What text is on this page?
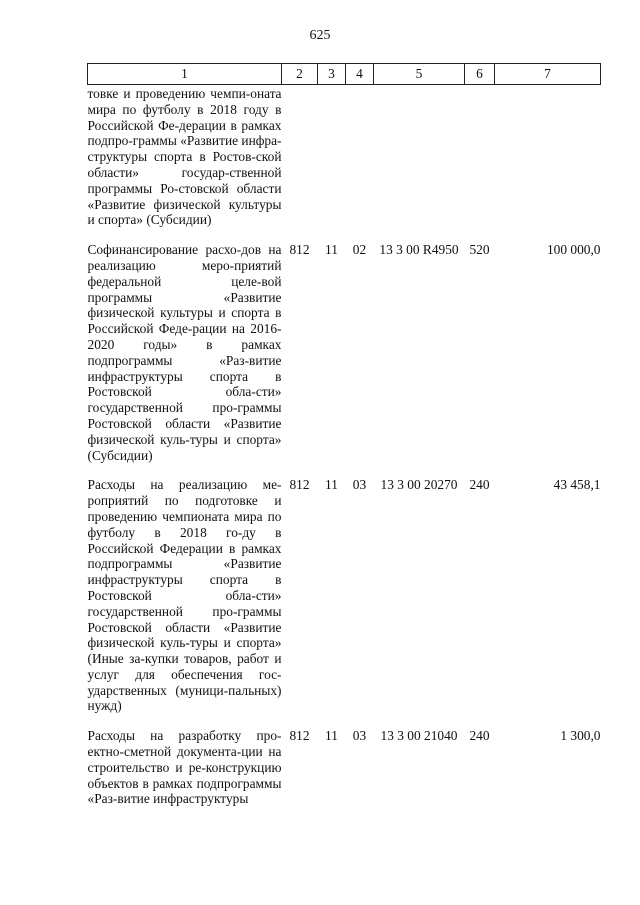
625
1	2	3	4	5	6	7
товке и проведению чемпи-онатa мира по футболу в 2018 году в Российской Фе-дерации в рамках подпро-граммы «Развитие инфра-структуры спорта в Ростов-ской области» государ-ственной программы Ро-стовской области «Развитие физической культуры и спорта» (Субсидии)						
Софинансирование расхо-дов на реализацию меро-приятий федеральной целе-вой программы «Развитие физической культуры и спорта в Российской Феде-рации на 2016-2020 годы» в рамках подпрограммы «Раз-витие инфраструктуры спорта в Ростовской обла-сти» государственной про-граммы Ростовской области «Развитие физической куль-туры и спорта» (Субсидии)	812	11	02	13 3 00 R4950	520	100 000,0
Расходы на реализацию ме-роприятий по подготовке и проведению чемпионата мира по футболу в 2018 го-ду в Российской Федерации в рамках подпрограммы «Развитие инфраструктуры спорта в Ростовской обла-сти» государственной про-граммы Ростовской области «Развитие физической куль-туры и спорта» (Иные за-купки товаров, работ и услуг для обеспечения гос-ударственных (муници-пальных) нужд)	812	11	03	13 3 00 20270	240	43 458,1
Расходы на разработку про-ектно-сметной документа-ции на строительство и ре-конструкцию объектов в рамках подпрограммы «Раз-витие инфраструктуры	812	11	03	13 3 00 21040	240	1 300,0
